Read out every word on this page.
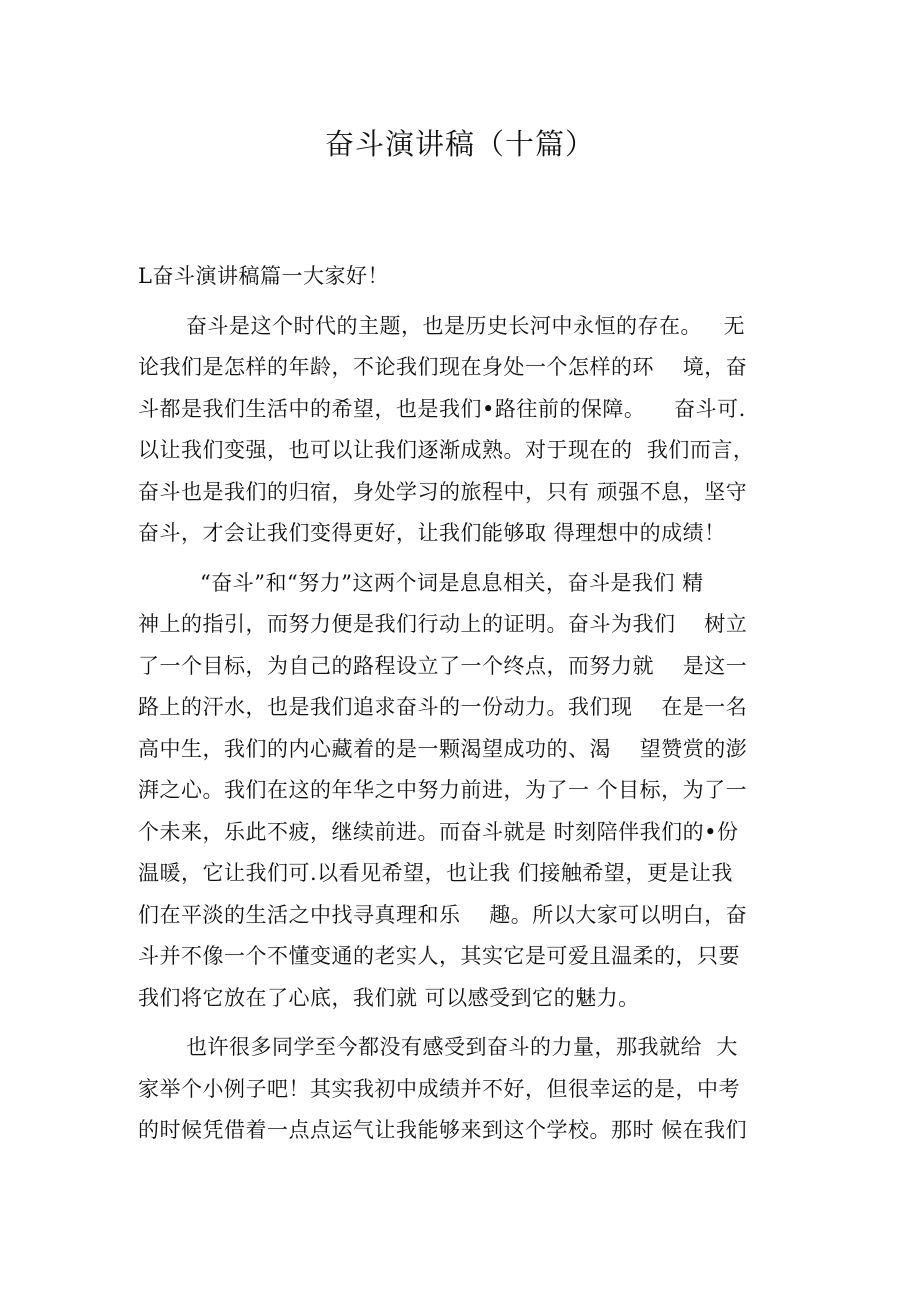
奋斗演讲稿（十篇）
L奋斗演讲稿篇一大家好！
奋斗是这个时代的主题，也是历史长河中永恒的存在。   无
论我们是怎样的年龄，不论我们现在身处一个怎样的环    境，奋
斗都是我们生活中的希望，也是我们•路往前的保障。    奋斗可.
以让我们变强，也可以让我们逐渐成熟。对于现在的  我们而言，
奋斗也是我们的归宿，身处学习的旅程中，只有 顽强不息，坚守
奋斗，才会让我们变得更好，让我们能够取 得理想中的成绩！
“奋斗”和“努力”这两个词是息息相关，奋斗是我们 精
神上的指引，而努力便是我们行动上的证明。奋斗为我们    树立
了一个目标，为自己的路程设立了一个终点，而努力就    是这一
路上的汗水，也是我们追求奋斗的一份动力。我们现    在是一名
高中生，我们的内心藏着的是一颗渴望成功的、渴    望赞赏的澎
湃之心。我们在这的年华之中努力前进，为了一 个目标，为了一
个未来，乐此不疲，继续前进。而奋斗就是 时刻陪伴我们的•份
温暖，它让我们可.以看见希望，也让我 们接触希望，更是让我
们在平淡的生活之中找寻真理和乐    趣。所以大家可以明白，奋
斗并不像一个不懂变通的老实人，其实它是可爱且温柔的，只要
我们将它放在了心底，我们就 可以感受到它的魅力。
也许很多同学至今都没有感受到奋斗的力量，那我就给  大
家举个小例子吧！其实我初中成绩并不好，但很幸运的是，中考
的时候凭借着一点点运气让我能够来到这个学校。那时 候在我们
